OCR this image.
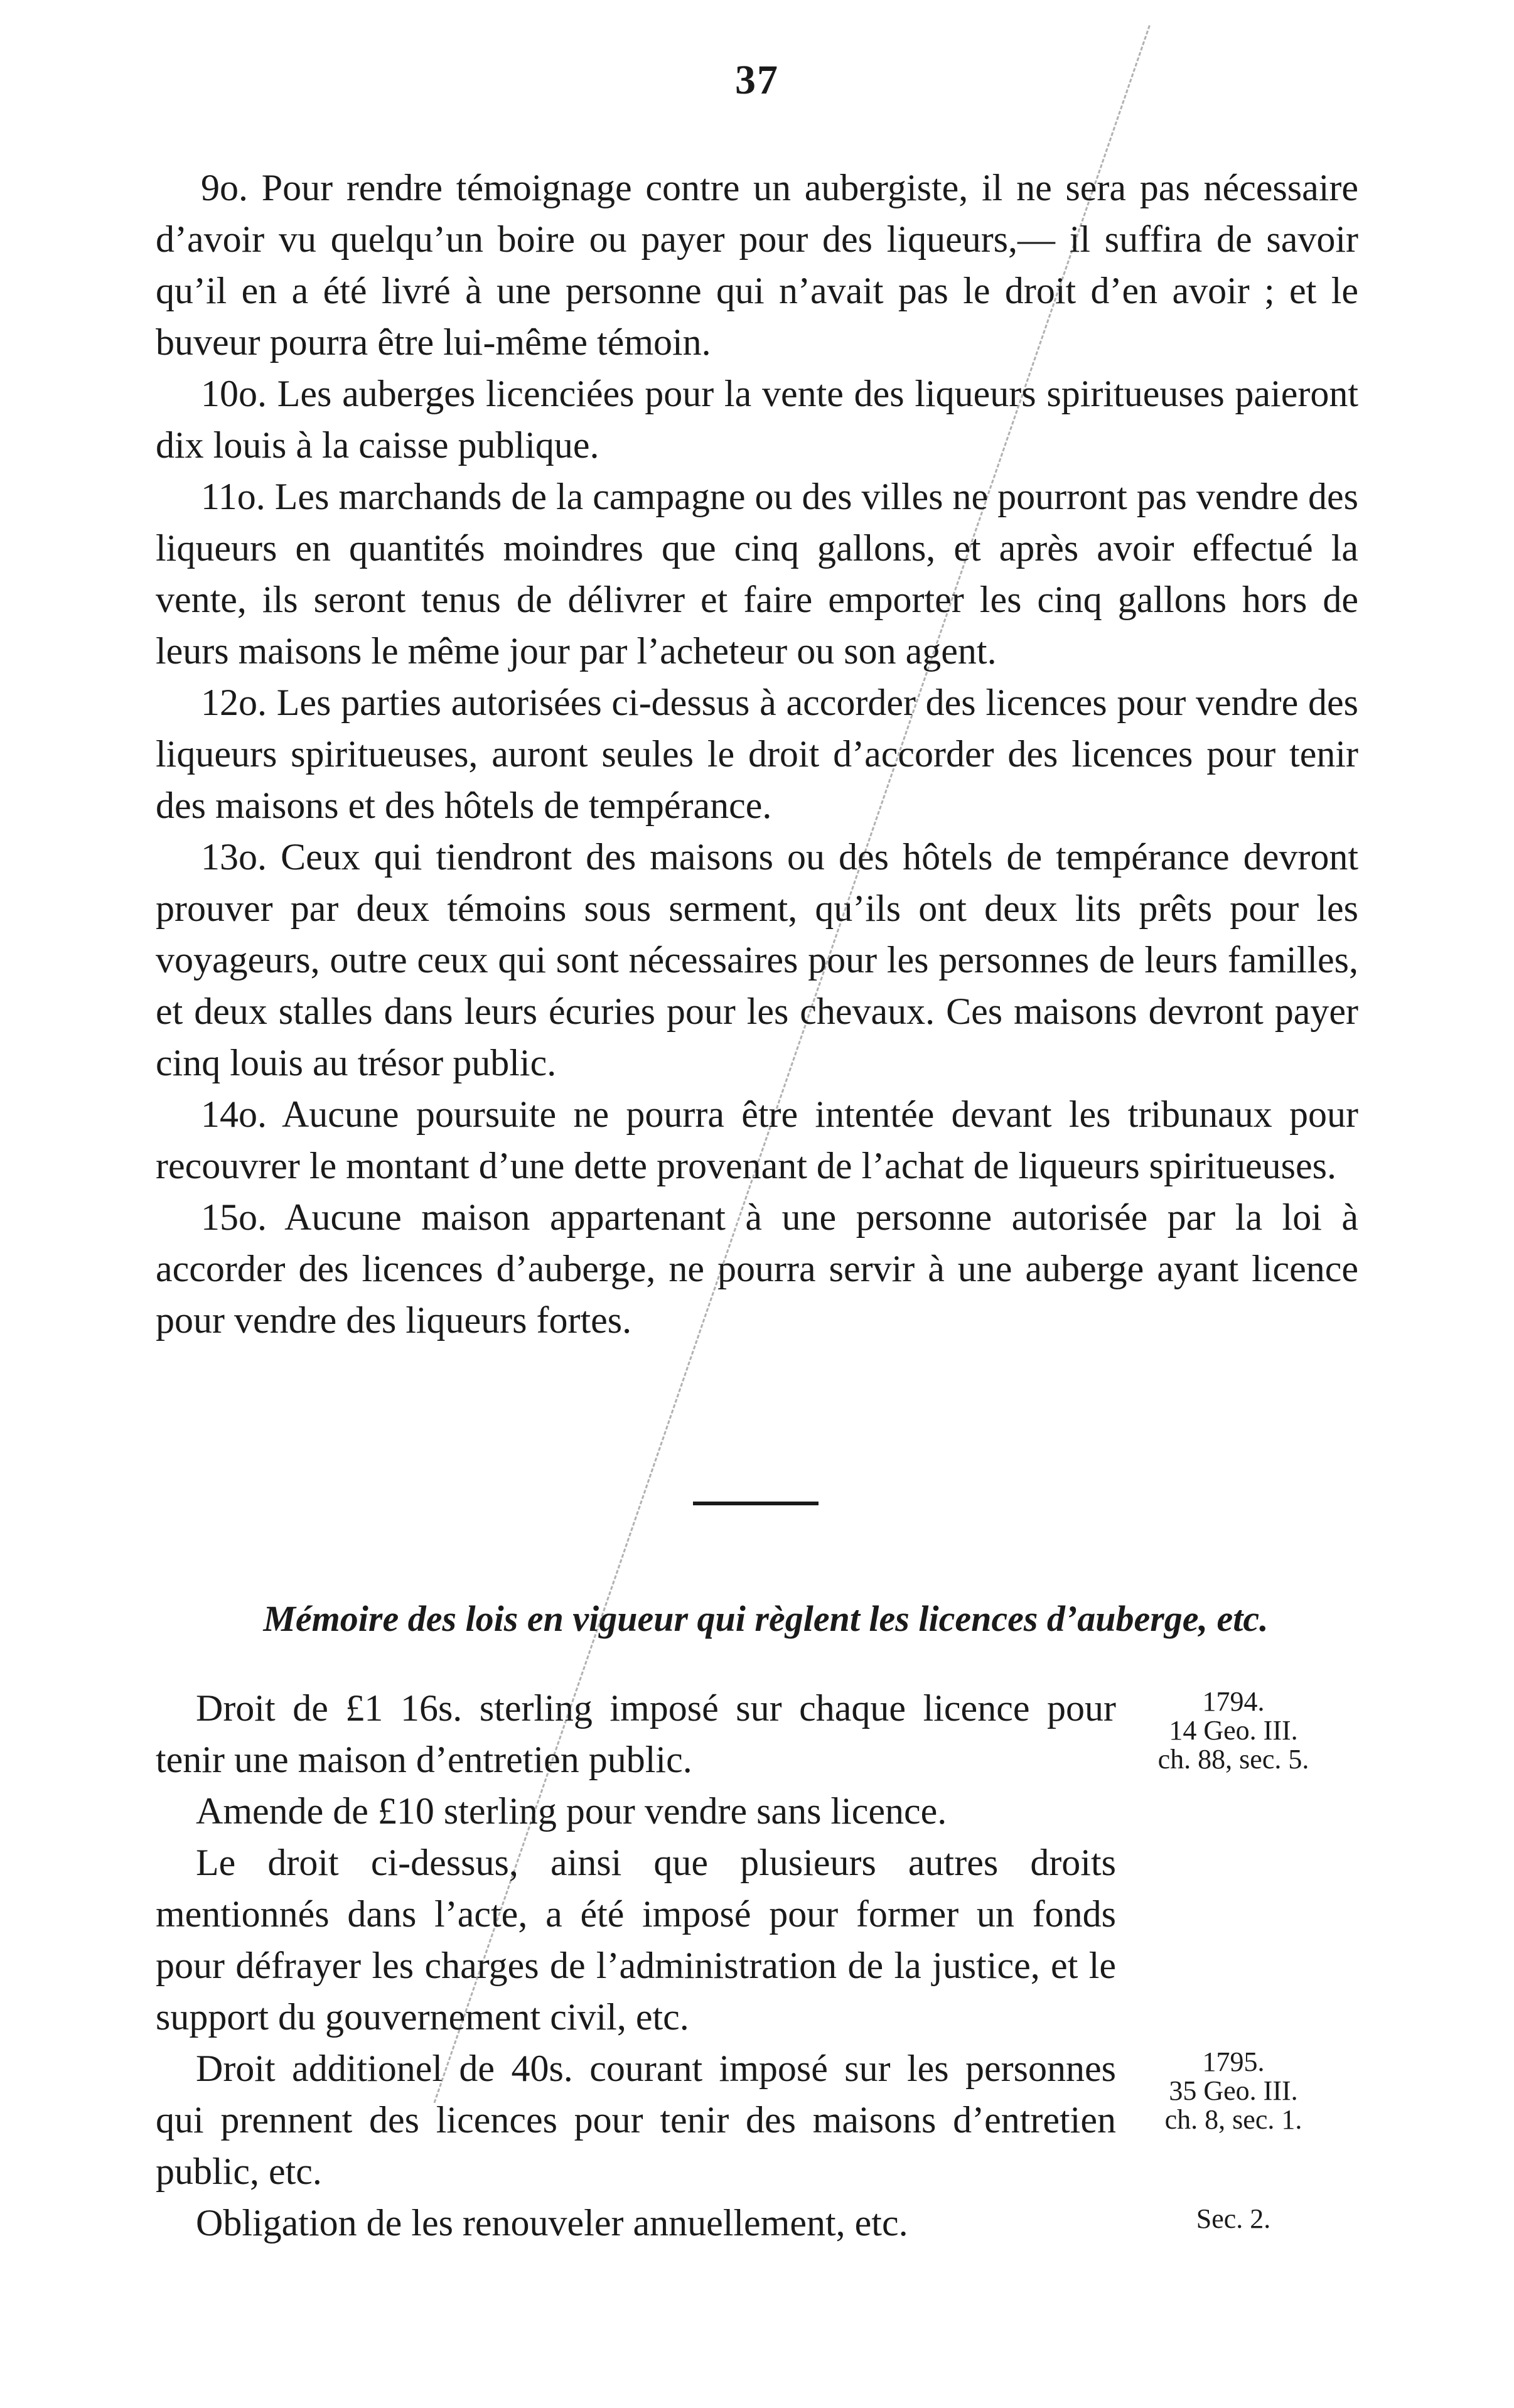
37

9o. Pour rendre témoignage contre un aubergiste, il ne sera pas nécessaire d’avoir vu quelqu’un boire ou payer pour des liqueurs,— il suffira de savoir qu’il en a été livré à une personne qui n’avait pas le droit d’en avoir ; et le buveur pourra être lui-même témoin.

10o. Les auberges licenciées pour la vente des liqueurs spiritueuses paieront dix louis à la caisse publique.

11o. Les marchands de la campagne ou des villes ne pourront pas vendre des liqueurs en quantités moindres que cinq gallons, et après avoir effectué la vente, ils seront tenus de délivrer et faire emporter les cinq gallons hors de leurs maisons le même jour par l’acheteur ou son agent.

12o. Les parties autorisées ci-dessus à accorder des licences pour vendre des liqueurs spiritueuses, auront seules le droit d’accorder des licences pour tenir des maisons et des hôtels de tempérance.

13o. Ceux qui tiendront des maisons ou des hôtels de tempérance devront prouver par deux témoins sous serment, qu’ils ont deux lits prêts pour les voyageurs, outre ceux qui sont nécessaires pour les personnes de leurs familles, et deux stalles dans leurs écuries pour les chevaux. Ces maisons devront payer cinq louis au trésor public.

14o. Aucune poursuite ne pourra être intentée devant les tribunaux pour recouvrer le montant d’une dette provenant de l’achat de liqueurs spiritueuses.

15o. Aucune maison appartenant à une personne autorisée par la loi à accorder des licences d’auberge, ne pourra servir à une auberge ayant licence pour vendre des liqueurs fortes.

Mémoire des lois en vigueur qui règlent les licences d’auberge, etc.

Droit de £1 16s. sterling imposé sur chaque licence pour tenir une maison d’entretien public.

1794.
14 Geo. III.
ch. 88, sec. 5.

Amende de £10 sterling pour vendre sans licence.

Le droit ci-dessus, ainsi que plusieurs autres droits mentionnés dans l’acte, a été imposé pour former un fonds pour défrayer les charges de l’administration de la justice, et le support du gouvernement civil, etc.

Droit additionel de 40s. courant imposé sur les personnes qui prennent des licences pour tenir des maisons d’entretien public, etc.

1795.
35 Geo. III.
ch. 8, sec. 1.

Obligation de les renouveler annuellement, etc.	Sec. 2.
